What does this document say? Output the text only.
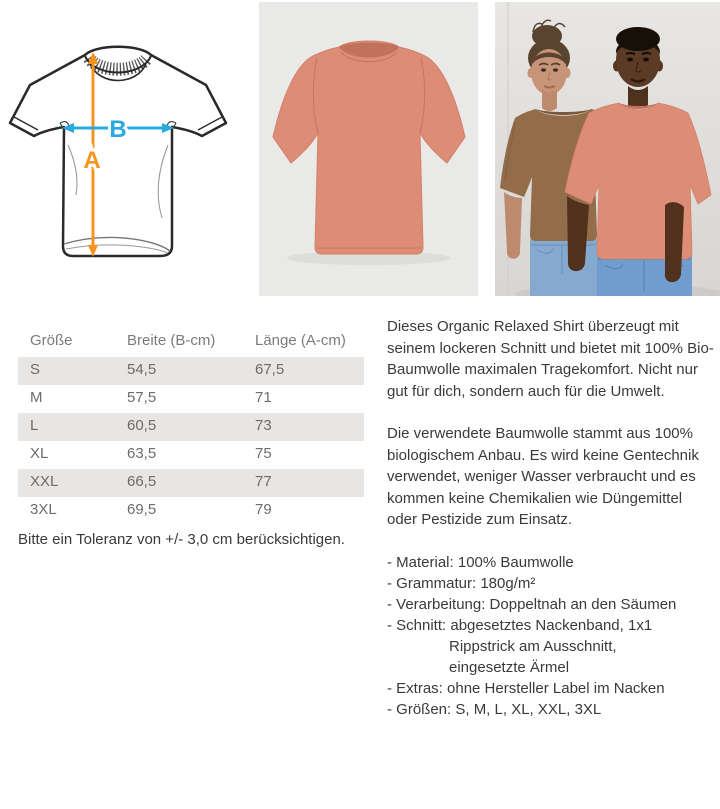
A
B
Größe	Breite (B-cm)	Länge (A-cm)
S	54,5	67,5
M	57,5	71
L	60,5	73
XL	63,5	75
XXL	66,5	77
3XL	69,5	79
Bitte ein Toleranz von +/- 3,0 cm berücksichtigen.

Dieses Organic Relaxed Shirt überzeugt mit seinem lockeren Schnitt und bietet mit 100% Bio-Baumwolle maximalen Tragekomfort. Nicht nur gut für dich, sondern auch für die Umwelt.

Die verwendete Baumwolle stammt aus 100% biologischem Anbau. Es wird keine Gentechnik verwendet, weniger Wasser verbraucht und es kommen keine Chemikalien wie Düngemittel oder Pestizide zum Einsatz.

- Material: 100% Baumwolle
- Grammatur: 180g/m²
- Verarbeitung: Doppeltnah an den Säumen
- Schnitt: abgesetztes Nackenband, 1x1
Rippstrick am Ausschnitt,
eingesetzte Ärmel
- Extras: ohne Hersteller Label im Nacken
- Größen: S, M, L, XL, XXL, 3XL
